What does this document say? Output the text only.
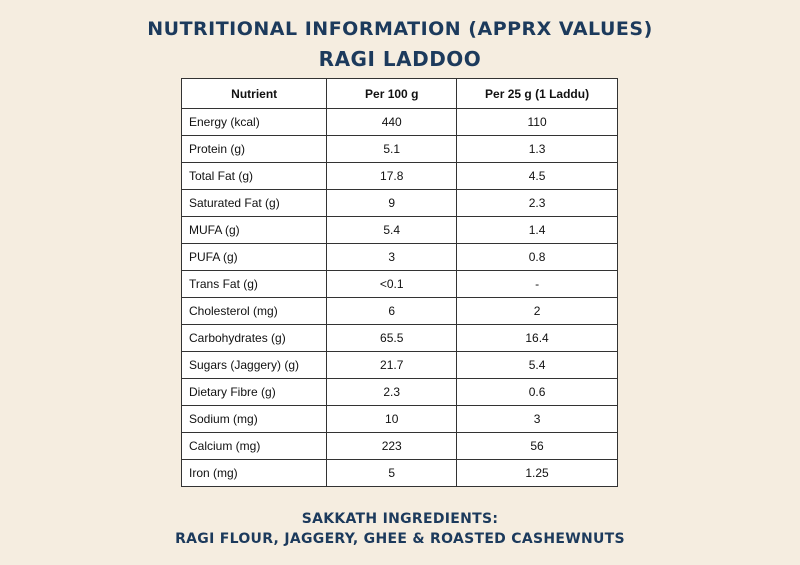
NUTRITIONAL INFORMATION (APPRX VALUES)
RAGI LADDOO
Nutrient	Per 100 g	Per 25 g (1 Laddu)
Energy (kcal)	440	110
Protein (g)	5.1	1.3
Total Fat (g)	17.8	4.5
Saturated Fat (g)	9	2.3
MUFA (g)	5.4	1.4
PUFA (g)	3	0.8
Trans Fat (g)	<0.1	-
Cholesterol (mg)	6	2
Carbohydrates (g)	65.5	16.4
Sugars (Jaggery) (g)	21.7	5.4
Dietary Fibre (g)	2.3	0.6
Sodium (mg)	10	3
Calcium (mg)	223	56
Iron (mg)	5	1.25
SAKKATH INGREDIENTS:
RAGI FLOUR, JAGGERY, GHEE & ROASTED CASHEWNUTS
